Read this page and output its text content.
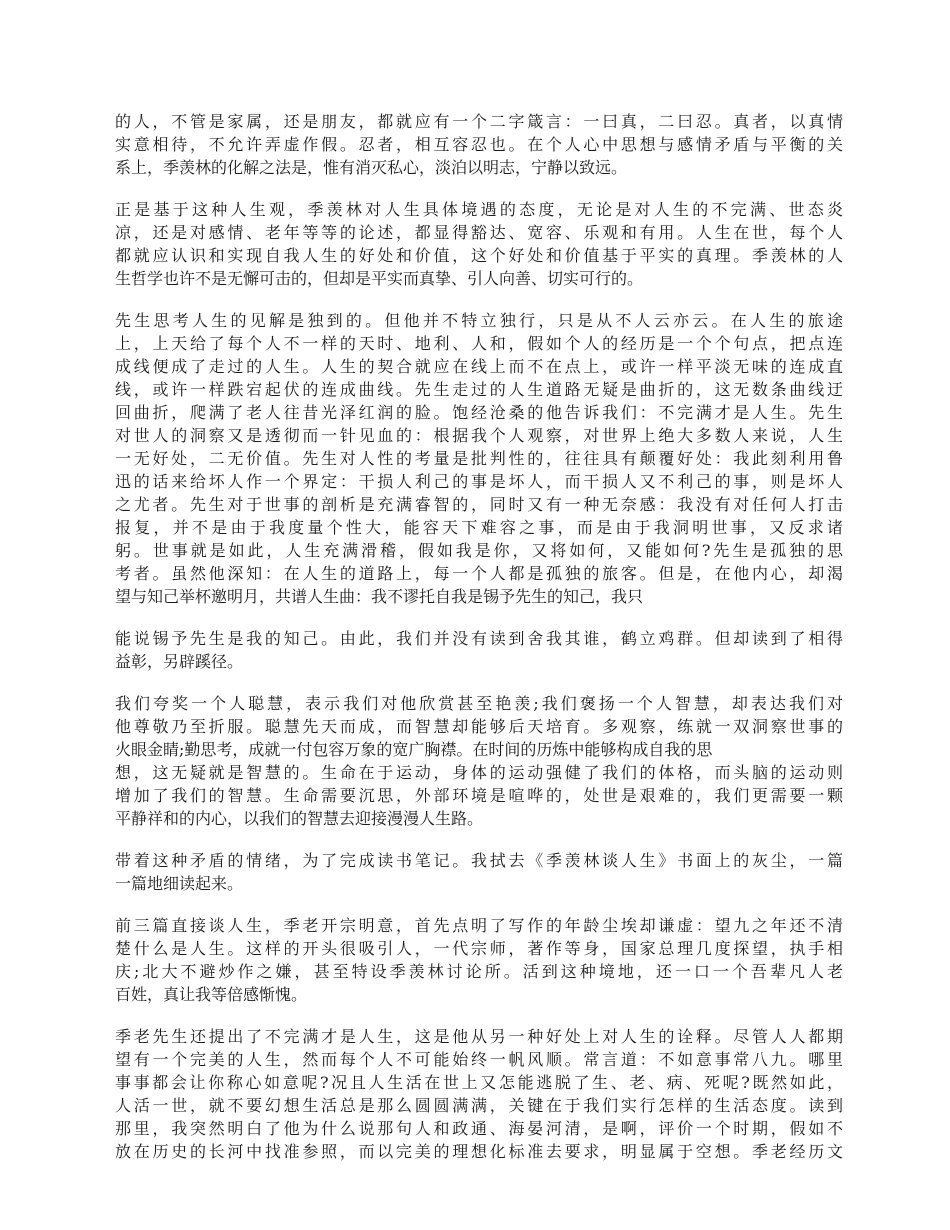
的人，不管是家属，还是朋友，都就应有一个二字箴言：一曰真，二曰忍。真者，以真情
实意相待，不允许弄虚作假。忍者，相互容忍也。在个人心中思想与感情矛盾与平衡的关
系上，季羡林的化解之法是，惟有消灭私心，淡泊以明志，宁静以致远。

正是基于这种人生观，季羡林对人生具体境遇的态度，无论是对人生的不完满、世态炎
凉，还是对感情、老年等等的论述，都显得豁达、宽容、乐观和有用。人生在世，每个人
都就应认识和实现自我人生的好处和价值，这个好处和价值基于平实的真理。季羡林的人
生哲学也许不是无懈可击的，但却是平实而真挚、引人向善、切实可行的。

先生思考人生的见解是独到的。但他并不特立独行，只是从不人云亦云。在人生的旅途
上，上天给了每个人不一样的天时、地利、人和，假如个人的经历是一个个句点，把点连
成线便成了走过的人生。人生的契合就应在线上而不在点上，或许一样平淡无味的连成直
线，或许一样跌宕起伏的连成曲线。先生走过的人生道路无疑是曲折的，这无数条曲线迂
回曲折，爬满了老人往昔光泽红润的脸。饱经沧桑的他告诉我们：不完满才是人生。先生
对世人的洞察又是透彻而一针见血的：根据我个人观察，对世界上绝大多数人来说，人生
一无好处，二无价值。先生对人性的考量是批判性的，往往具有颠覆好处：我此刻利用鲁
迅的话来给坏人作一个界定：干损人利己的事是坏人，而干损人又不利己的事，则是坏人
之尤者。先生对于世事的剖析是充满睿智的，同时又有一种无奈感：我没有对任何人打击
报复，并不是由于我度量个性大，能容天下难容之事，而是由于我洞明世事，又反求诸
躬。世事就是如此，人生充满滑稽，假如我是你，又将如何，又能如何?先生是孤独的思
考者。虽然他深知：在人生的道路上，每一个人都是孤独的旅客。但是，在他内心，却渴
望与知己举杯邀明月，共谱人生曲：我不谬托自我是锡予先生的知己，我只

能说锡予先生是我的知己。由此，我们并没有读到舍我其谁，鹤立鸡群。但却读到了相得
益彰，另辟蹊径。

我们夸奖一个人聪慧，表示我们对他欣赏甚至艳羡;我们褒扬一个人智慧，却表达我们对
他尊敬乃至折服。聪慧先天而成，而智慧却能够后天培育。多观察，练就一双洞察世事的
火眼金睛;勤思考，成就一付包容万象的宽广胸襟。在时间的历炼中能够构成自我的思
想，这无疑就是智慧的。生命在于运动，身体的运动强健了我们的体格，而头脑的运动则
增加了我们的智慧。生命需要沉思，外部环境是喧哗的，处世是艰难的，我们更需要一颗
平静祥和的内心，以我们的智慧去迎接漫漫人生路。

带着这种矛盾的情绪，为了完成读书笔记。我拭去《季羡林谈人生》书面上的灰尘，一篇
一篇地细读起来。

前三篇直接谈人生，季老开宗明意，首先点明了写作的年龄尘埃却谦虚：望九之年还不清
楚什么是人生。这样的开头很吸引人，一代宗师，著作等身，国家总理几度探望，执手相
庆;北大不避炒作之嫌，甚至特设季羡林讨论所。活到这种境地，还一口一个吾辈凡人老
百姓，真让我等倍感惭愧。

季老先生还提出了不完满才是人生，这是他从另一种好处上对人生的诠释。尽管人人都期
望有一个完美的人生，然而每个人不可能始终一帆风顺。常言道：不如意事常八九。哪里
事事都会让你称心如意呢?况且人生活在世上又怎能逃脱了生、老、病、死呢?既然如此，
人活一世，就不要幻想生活总是那么圆圆满满，关键在于我们实行怎样的生活态度。读到
那里，我突然明白了他为什么说那句人和政通、海晏河清，是啊，评价一个时期，假如不
放在历史的长河中找准参照，而以完美的理想化标准去要求，明显属于空想。季老经历文
